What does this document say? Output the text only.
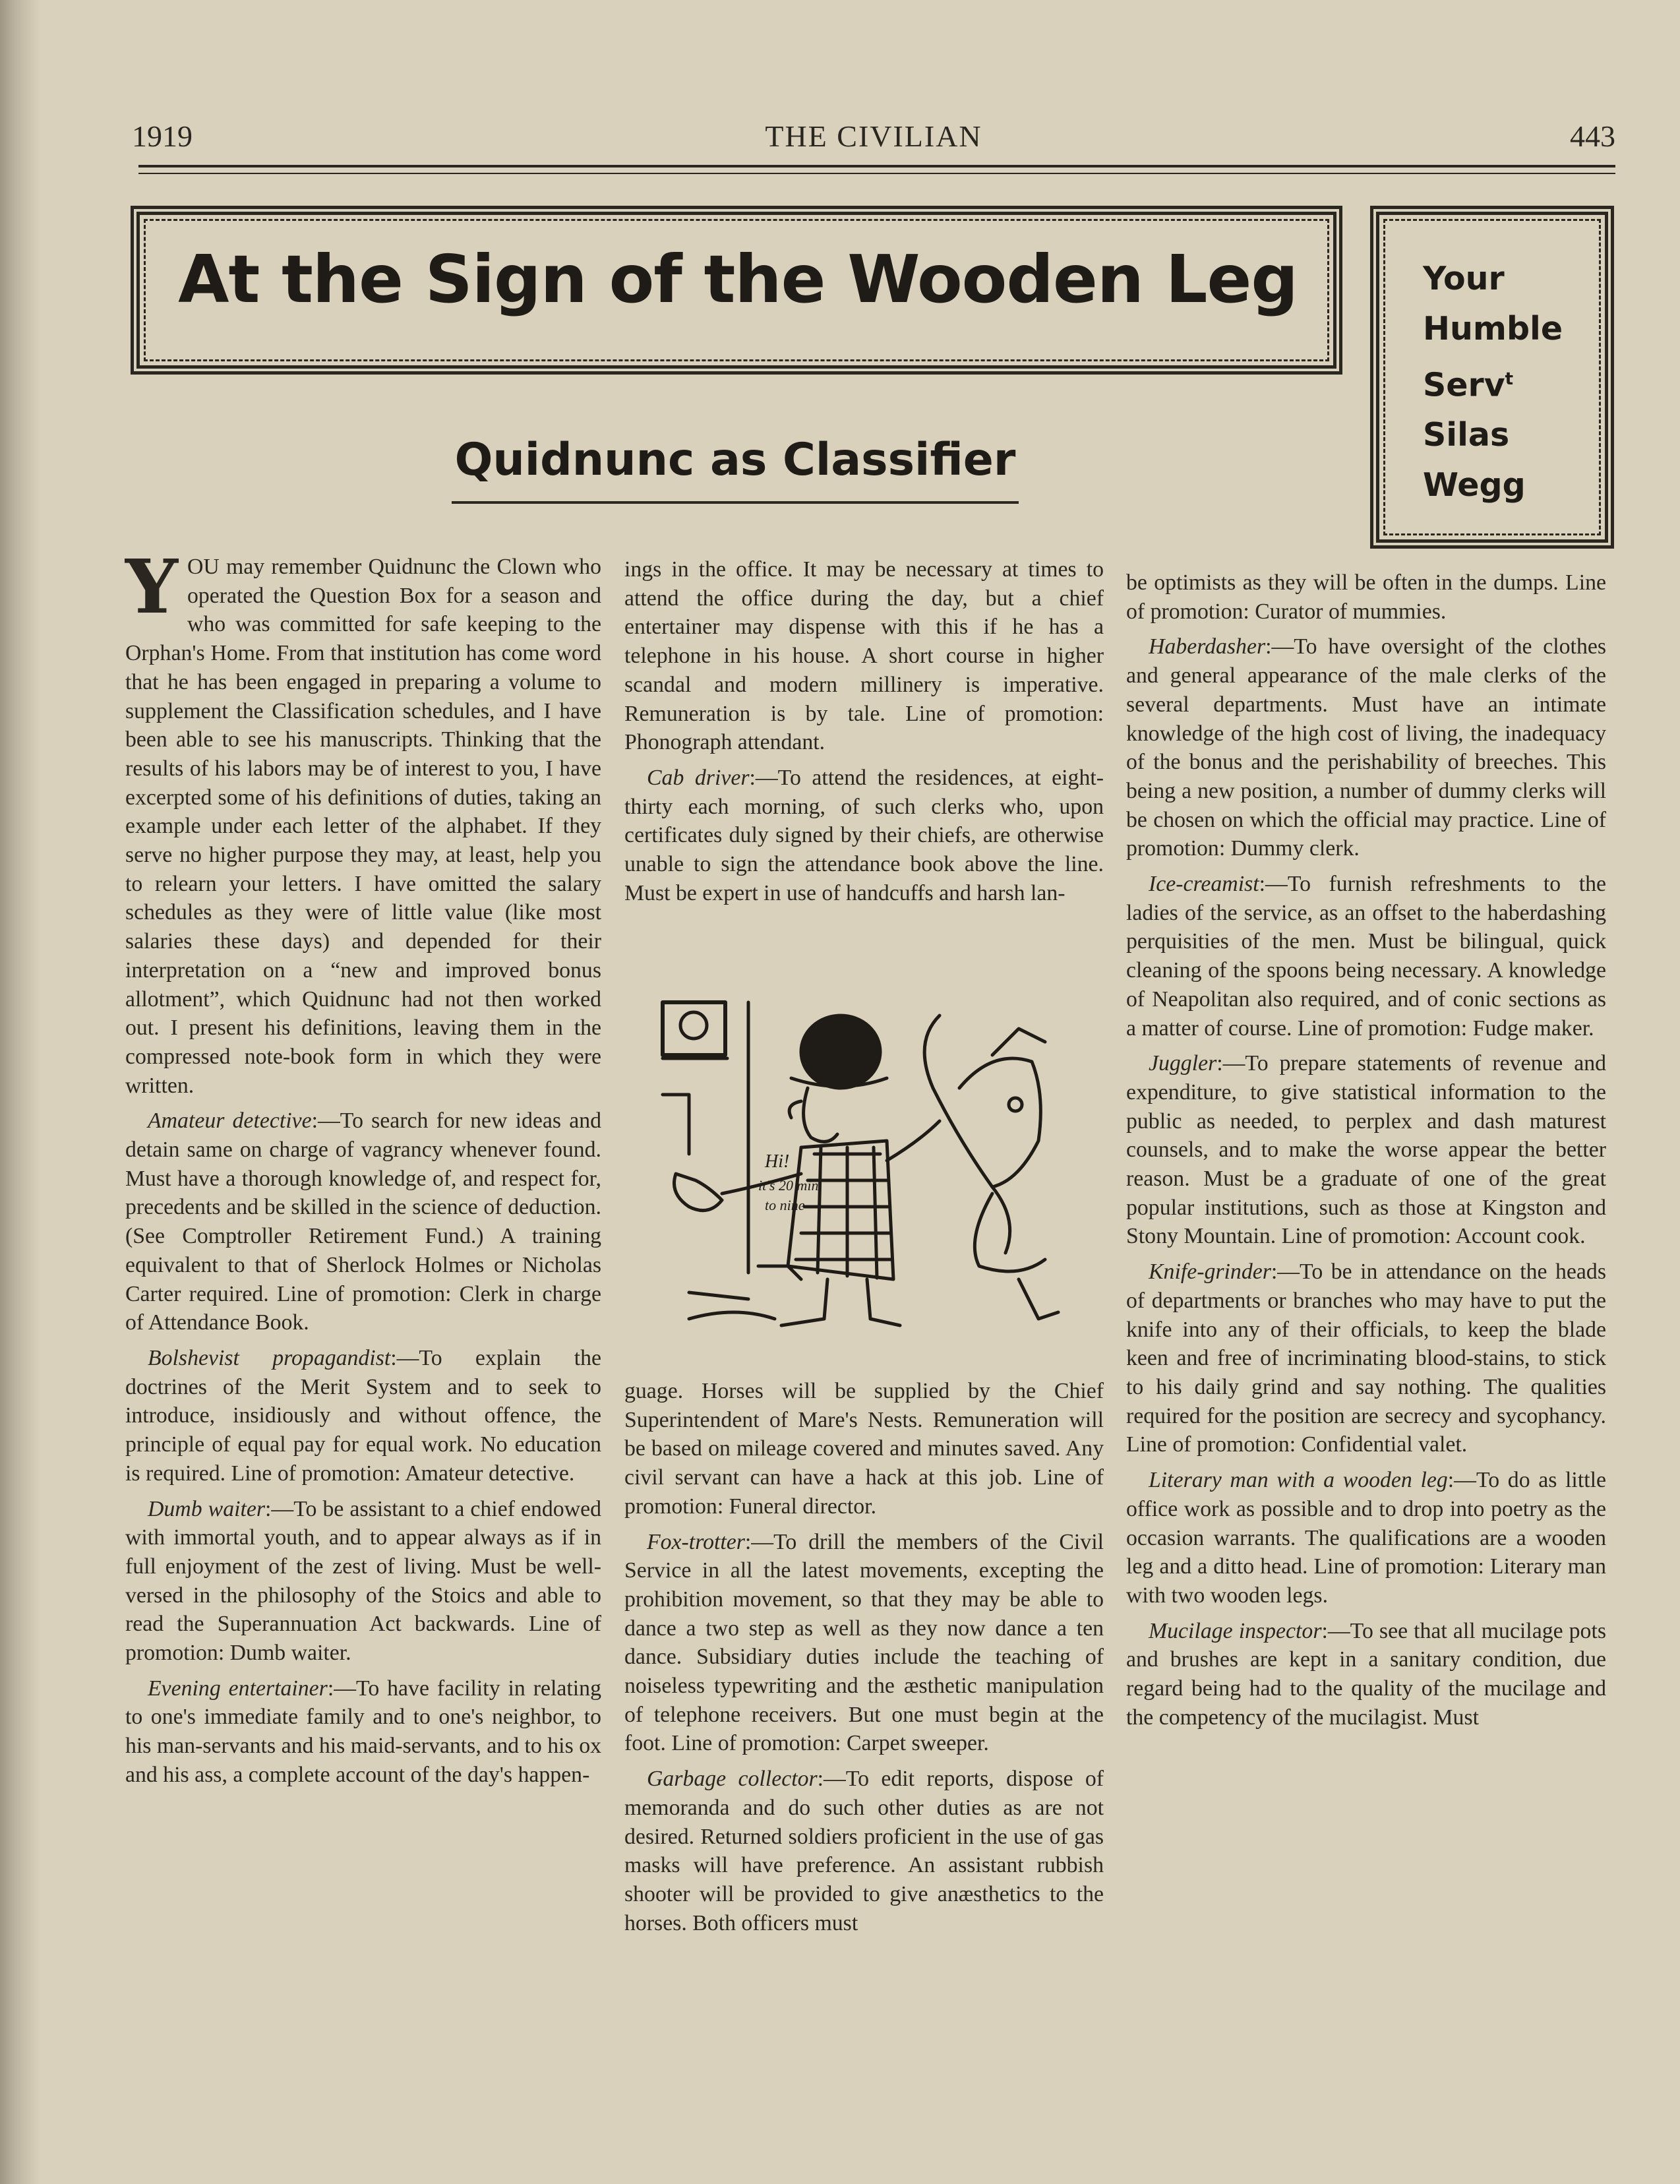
1919	THE CIVILIAN	443
At the Sign of the Wooden Leg	Your
Humble
Serv$^t$
Silas
Wegg
Quidnunc as Classifier

YOU may remember Quidnunc the Clown who operated the Question Box for a season and who was committed for safe keeping to the Orphan's Home. From that institution has come word that he has been engaged in preparing a volume to supplement the Classification schedules, and I have been able to see his manuscripts. Thinking that the results of his labors may be of interest to you, I have excerpted some of his definitions of duties, taking an example under each letter of the alphabet. If they serve no higher purpose they may, at least, help you to relearn your letters. I have omitted the salary schedules as they were of little value (like most salaries these days) and depended for their interpretation on a “new and improved bonus allotment”, which Quidnunc had not then worked out. I present his definitions, leaving them in the compressed note-book form in which they were written.

Amateur detective:—To search for new ideas and detain same on charge of vagrancy whenever found. Must have a thorough knowledge of, and respect for, precedents and be skilled in the science of deduction. (See Comptroller Retirement Fund.) A training equivalent to that of Sherlock Holmes or Nicholas Carter required. Line of promotion: Clerk in charge of Attendance Book.

Bolshevist propagandist:—To explain the doctrines of the Merit System and to seek to introduce, insidiously and without offence, the principle of equal pay for equal work. No education is required. Line of promotion: Amateur detective.

Dumb waiter:—To be assistant to a chief endowed with immortal youth, and to appear always as if in full enjoyment of the zest of living. Must be well-versed in the philosophy of the Stoics and able to read the Superannuation Act backwards. Line of promotion: Dumb waiter.

Evening entertainer:—To have facility in relating to one's immediate family and to one's neighbor, to his man-servants and his maid-servants, and to his ox and his ass, a complete account of the day's happen-

ings in the office. It may be necessary at times to attend the office during the day, but a chief entertainer may dispense with this if he has a telephone in his house. A short course in higher scandal and modern millinery is imperative. Remuneration is by tale. Line of promotion: Phonograph attendant.

Cab driver:—To attend the residences, at eight-thirty each morning, of such clerks who, upon certificates duly signed by their chiefs, are otherwise unable to sign the attendance book above the line. Must be expert in use of handcuffs and harsh lan-

Hi!
it's 20 min
to nine

guage. Horses will be supplied by the Chief Superintendent of Mare's Nests. Remuneration will be based on mileage covered and minutes saved. Any civil servant can have a hack at this job. Line of promotion: Funeral director.

Fox-trotter:—To drill the members of the Civil Service in all the latest movements, excepting the prohibition movement, so that they may be able to dance a two step as well as they now dance a ten dance. Subsidiary duties include the teaching of noiseless typewriting and the æsthetic manipulation of telephone receivers. But one must begin at the foot. Line of promotion: Carpet sweeper.

Garbage collector:—To edit reports, dispose of memoranda and do such other duties as are not desired. Returned soldiers proficient in the use of gas masks will have preference. An assistant rubbish shooter will be provided to give anæsthetics to the horses. Both officers must

be optimists as they will be often in the dumps. Line of promotion: Curator of mummies.

Haberdasher:—To have oversight of the clothes and general appearance of the male clerks of the several departments. Must have an intimate knowledge of the high cost of living, the inadequacy of the bonus and the perishability of breeches. This being a new position, a number of dummy clerks will be chosen on which the official may practice. Line of promotion: Dummy clerk.

Ice-creamist:—To furnish refreshments to the ladies of the service, as an offset to the haberdashing perquisities of the men. Must be bilingual, quick cleaning of the spoons being necessary. A knowledge of Neapolitan also required, and of conic sections as a matter of course. Line of promotion: Fudge maker.

Juggler:—To prepare statements of revenue and expenditure, to give statistical information to the public as needed, to perplex and dash maturest counsels, and to make the worse appear the better reason. Must be a graduate of one of the great popular institutions, such as those at Kingston and Stony Mountain. Line of promotion: Account cook.

Knife-grinder:—To be in attendance on the heads of departments or branches who may have to put the knife into any of their officials, to keep the blade keen and free of incriminating blood-stains, to stick to his daily grind and say nothing. The qualities required for the position are secrecy and sycophancy. Line of promotion: Confidential valet.

Literary man with a wooden leg:—To do as little office work as possible and to drop into poetry as the occasion warrants. The qualifications are a wooden leg and a ditto head. Line of promotion: Literary man with two wooden legs.

Mucilage inspector:—To see that all mucilage pots and brushes are kept in a sanitary condition, due regard being had to the quality of the mucilage and the competency of the mucilagist. Must
